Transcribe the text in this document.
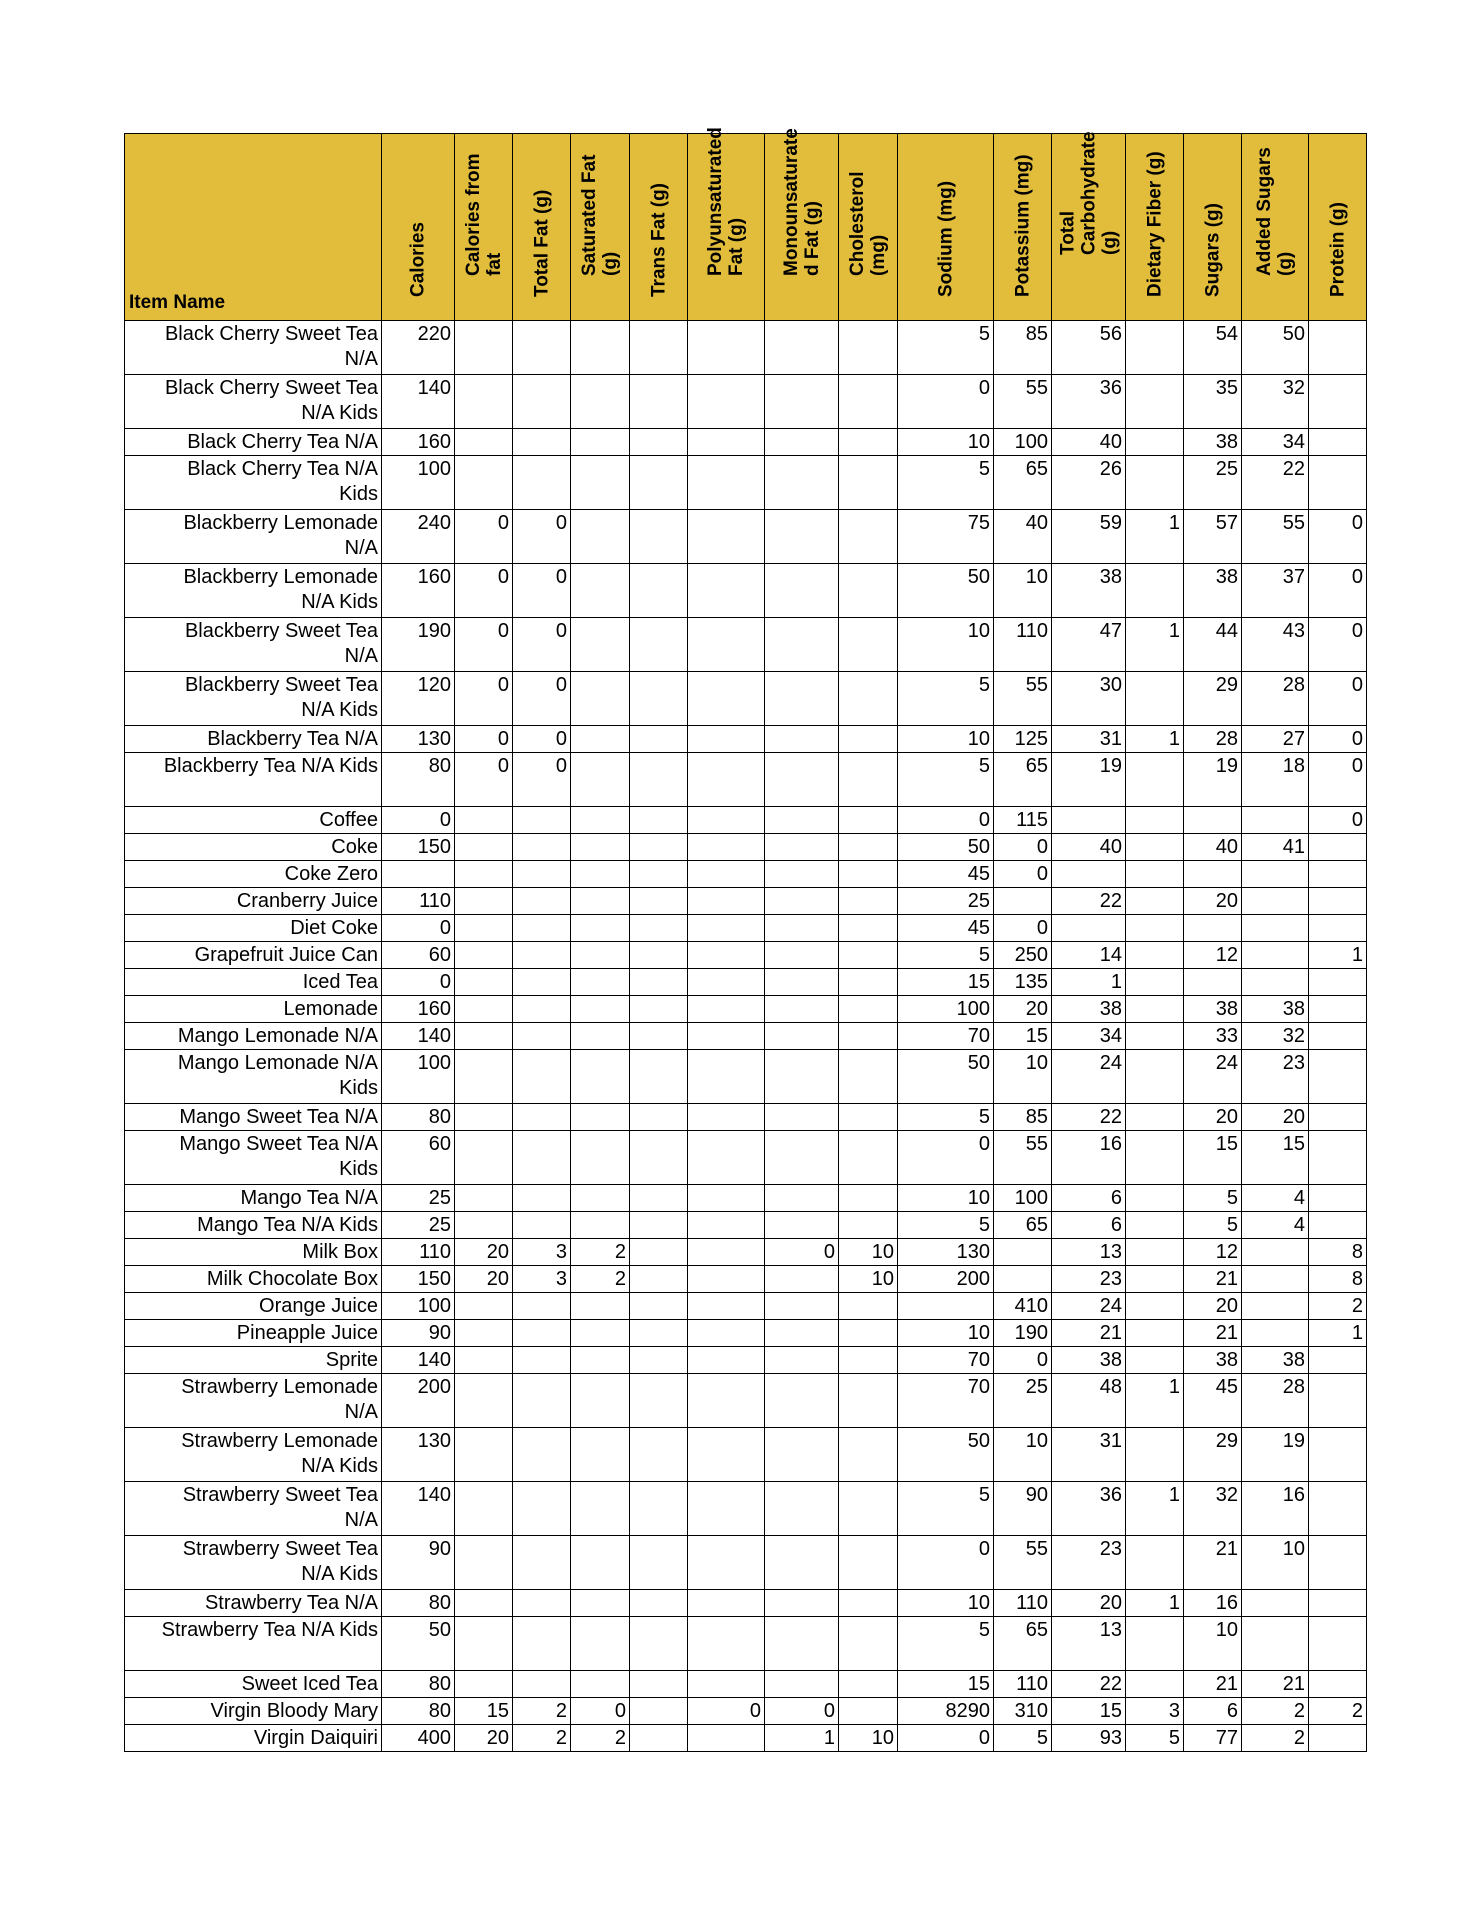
Item Name	Calories	Calories from
fat	Total Fat (g)	Saturated Fat
(g)	Trans Fat (g)	Polyunsaturated
Fat (g)	Monounsaturate
d Fat (g)	Cholesterol
(mg)	Sodium (mg)	Potassium (mg)	Total
Carbohydrate
(g)	Dietary Fiber (g)	Sugars (g)	Added Sugars
(g)	Protein (g)

Black Cherry Sweet Tea
N/A	220								5	85	56		54	50	
Black Cherry Sweet Tea
N/A Kids	140								0	55	36		35	32	
Black Cherry Tea N/A	160								10	100	40		38	34	
Black Cherry Tea N/A
Kids	100								5	65	26		25	22	
Blackberry Lemonade
N/A	240	0	0						75	40	59	1	57	55	0
Blackberry Lemonade
N/A Kids	160	0	0						50	10	38		38	37	0
Blackberry Sweet Tea
N/A	190	0	0						10	110	47	1	44	43	0
Blackberry Sweet Tea
N/A Kids	120	0	0						5	55	30		29	28	0
Blackberry Tea N/A	130	0	0						10	125	31	1	28	27	0
Blackberry Tea N/A Kids	80	0	0						5	65	19		19	18	0
Coffee	0								0	115					0
Coke	150								50	0	40		40	41	
Coke Zero									45	0					
Cranberry Juice	110								25		22		20		
Diet Coke	0								45	0					
Grapefruit Juice Can	60								5	250	14		12		1
Iced Tea	0								15	135	1				
Lemonade	160								100	20	38		38	38	
Mango Lemonade N/A	140								70	15	34		33	32	
Mango Lemonade N/A
Kids	100								50	10	24		24	23	
Mango Sweet Tea N/A	80								5	85	22		20	20	
Mango Sweet Tea N/A
Kids	60								0	55	16		15	15	
Mango Tea N/A	25								10	100	6		5	4	
Mango Tea N/A Kids	25								5	65	6		5	4	
Milk Box	110	20	3	2			0	10	130		13		12		8
Milk Chocolate Box	150	20	3	2				10	200		23		21		8
Orange Juice	100									410	24		20		2
Pineapple Juice	90								10	190	21		21		1
Sprite	140								70	0	38		38	38	
Strawberry Lemonade
N/A	200								70	25	48	1	45	28	
Strawberry Lemonade
N/A Kids	130								50	10	31		29	19	
Strawberry Sweet Tea
N/A	140								5	90	36	1	32	16	
Strawberry Sweet Tea
N/A Kids	90								0	55	23		21	10	
Strawberry Tea N/A	80								10	110	20	1	16		
Strawberry Tea N/A Kids	50								5	65	13		10		
Sweet Iced Tea	80								15	110	22		21	21	
Virgin Bloody Mary	80	15	2	0		0	0		8290	310	15	3	6	2	2
Virgin Daiquiri	400	20	2	2			1	10	0	5	93	5	77	2	
